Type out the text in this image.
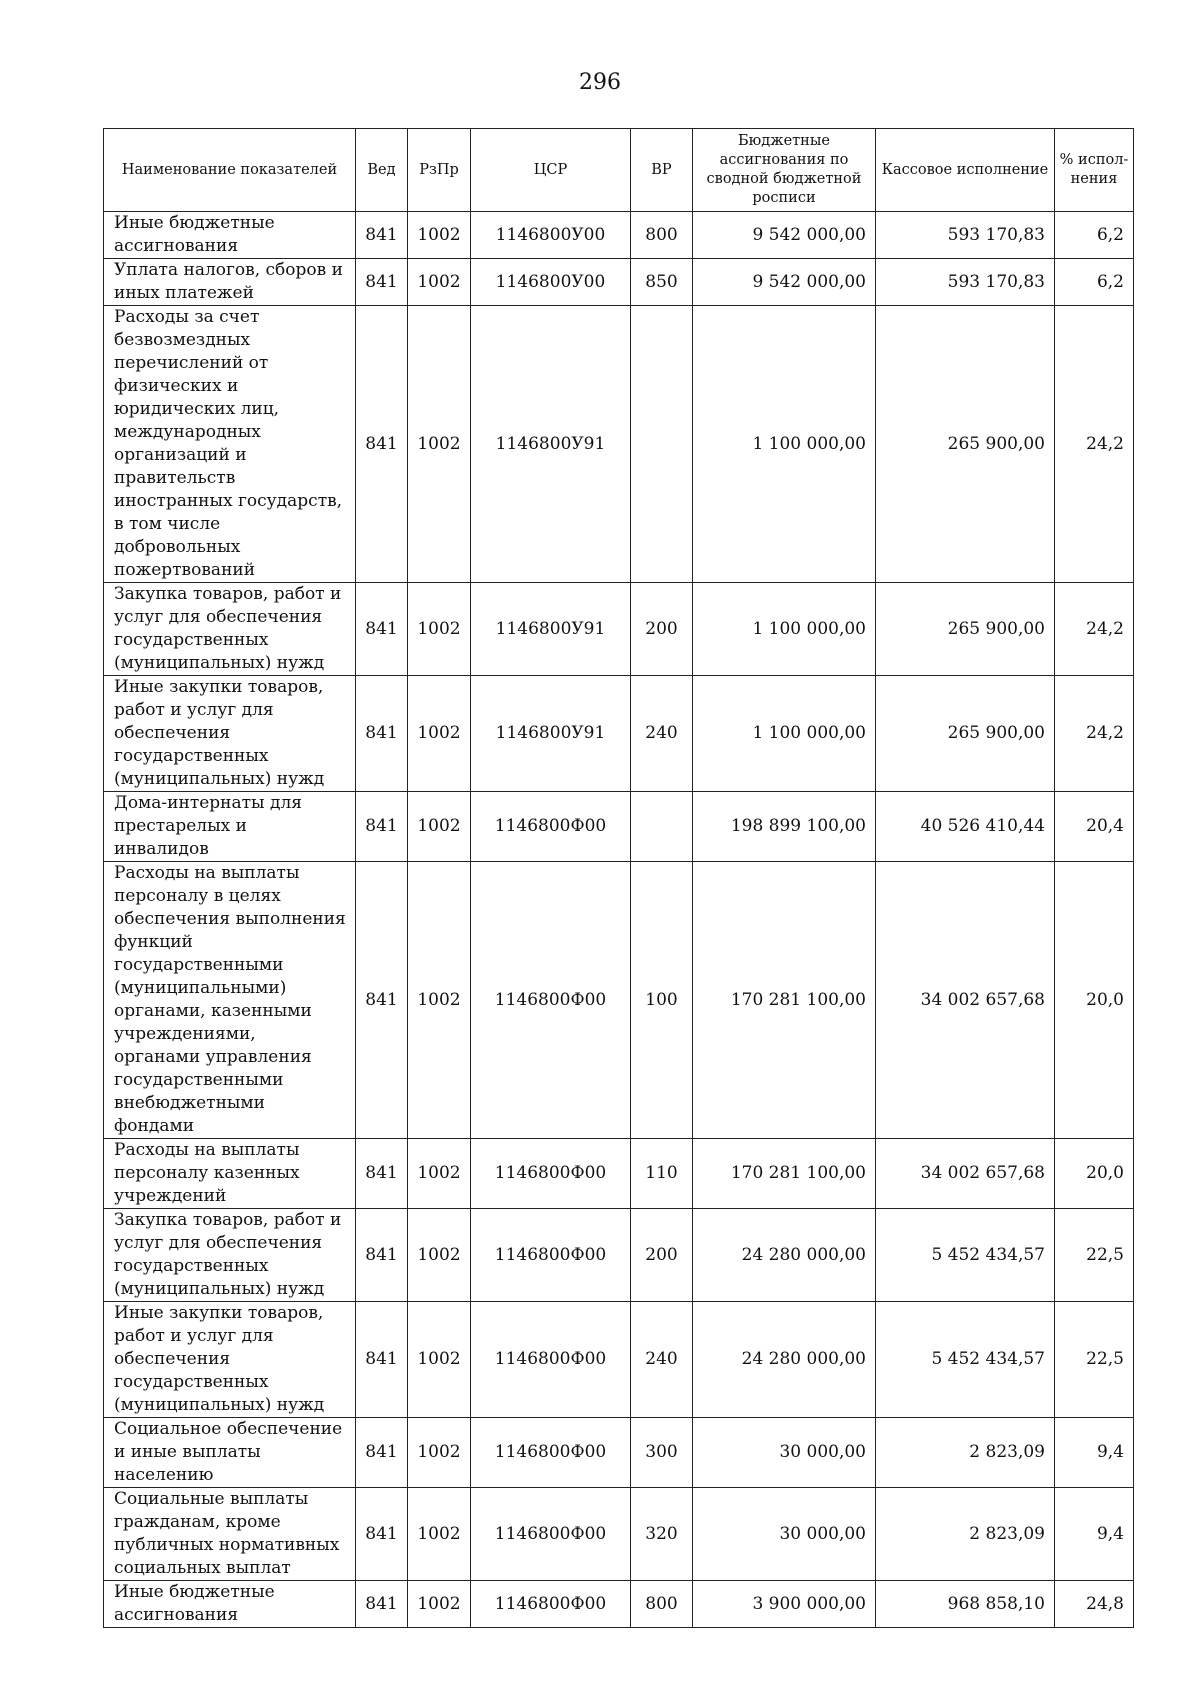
296
Наименование показателей	Вед	РзПр	ЦСР	ВР	Бюджетные ассигнования по сводной бюджетной росписи	Кассовое исполнение	% испол-нения
Иные бюджетные ассигнования	841	1002	1146800У00	800	9 542 000,00	593 170,83	6,2
Уплата налогов, сборов и иных платежей	841	1002	1146800У00	850	9 542 000,00	593 170,83	6,2
Расходы за счет безвозмездных перечислений от физических и юридических лиц, международных организаций и правительств иностранных государств, в том числе добровольных пожертвований	841	1002	1146800У91		1 100 000,00	265 900,00	24,2
Закупка товаров, работ и услуг для обеспечения государственных (муниципальных) нужд	841	1002	1146800У91	200	1 100 000,00	265 900,00	24,2
Иные закупки товаров, работ и услуг для обеспечения государственных (муниципальных) нужд	841	1002	1146800У91	240	1 100 000,00	265 900,00	24,2
Дома-интернаты для престарелых и инвалидов	841	1002	1146800Ф00		198 899 100,00	40 526 410,44	20,4
Расходы на выплаты персоналу в целях обеспечения выполнения функций государственными (муниципальными) органами, казенными учреждениями, органами управления государственными внебюджетными фондами	841	1002	1146800Ф00	100	170 281 100,00	34 002 657,68	20,0
Расходы на выплаты персоналу казенных учреждений	841	1002	1146800Ф00	110	170 281 100,00	34 002 657,68	20,0
Закупка товаров, работ и услуг для обеспечения государственных (муниципальных) нужд	841	1002	1146800Ф00	200	24 280 000,00	5 452 434,57	22,5
Иные закупки товаров, работ и услуг для обеспечения государственных (муниципальных) нужд	841	1002	1146800Ф00	240	24 280 000,00	5 452 434,57	22,5
Социальное обеспечение и иные выплаты населению	841	1002	1146800Ф00	300	30 000,00	2 823,09	9,4
Социальные выплаты гражданам, кроме публичных нормативных социальных выплат	841	1002	1146800Ф00	320	30 000,00	2 823,09	9,4
Иные бюджетные ассигнования	841	1002	1146800Ф00	800	3 900 000,00	968 858,10	24,8
